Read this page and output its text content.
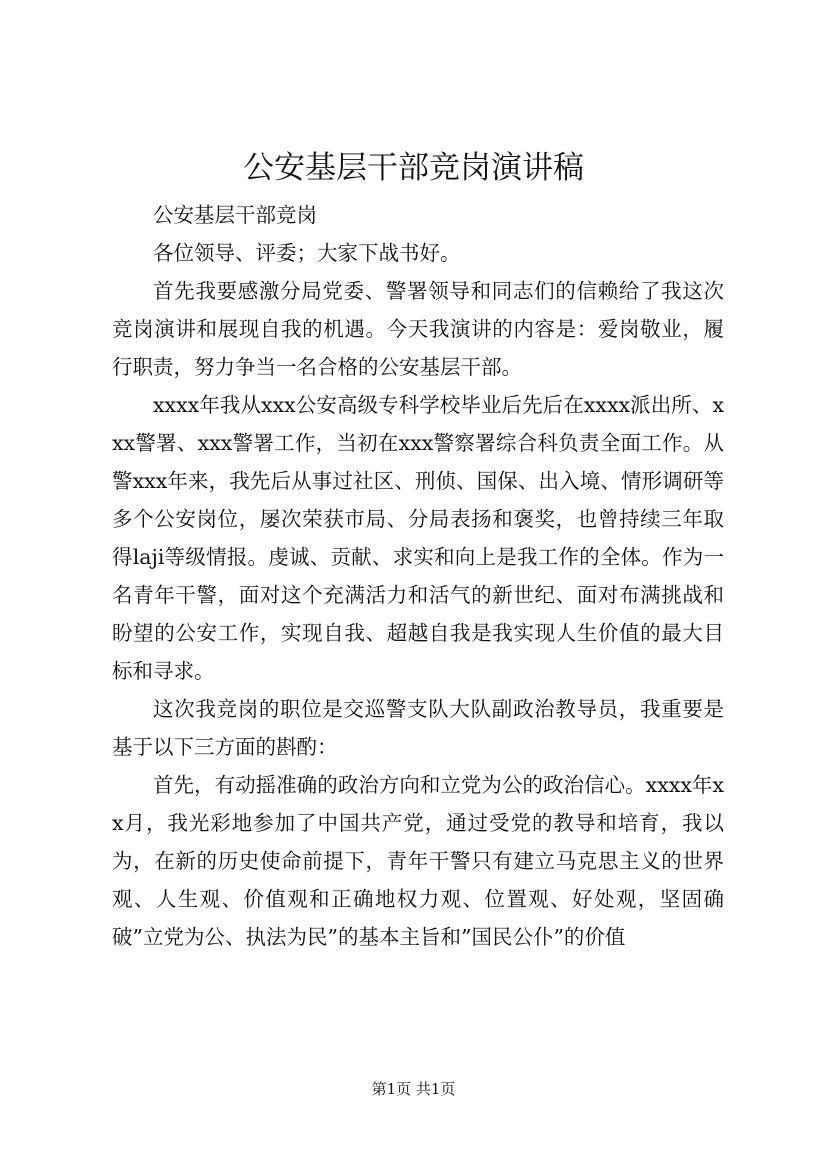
公安基层干部竞岗演讲稿

公安基层干部竞岗

各位领导、评委；大家下战书好。

首先我要感激分局党委、警署领导和同志们的信赖给了我这次竞岗演讲和展现自我的机遇。今天我演讲的内容是：爱岗敬业，履行职责，努力争当一名合格的公安基层干部。

xxxx年我从xxx公安高级专科学校毕业后先后在xxxx派出所、xxx警署、xxx警署工作，当初在xxx警察署综合科负责全面工作。从警xxx年来，我先后从事过社区、刑侦、国保、出入境、情形调研等多个公安岗位，屡次荣获市局、分局表扬和褒奖，也曾持续三年取得laji等级情报。虔诚、贡献、求实和向上是我工作的全体。作为一名青年干警，面对这个充满活力和活气的新世纪、面对布满挑战和盼望的公安工作，实现自我、超越自我是我实现人生价值的最大目标和寻求。

这次我竞岗的职位是交巡警支队大队副政治教导员，我重要是基于以下三方面的斟酌：

首先，有动摇准确的政治方向和立党为公的政治信心。xxxx年xx月，我光彩地参加了中国共产党，通过受党的教导和培育，我以为，在新的历史使命前提下，青年干警只有建立马克思主义的世界观、人生观、价值观和正确地权力观、位置观、好处观，坚固确破”立党为公、执法为民”的基本主旨和”国民公仆”的价值

第1页 共1页
